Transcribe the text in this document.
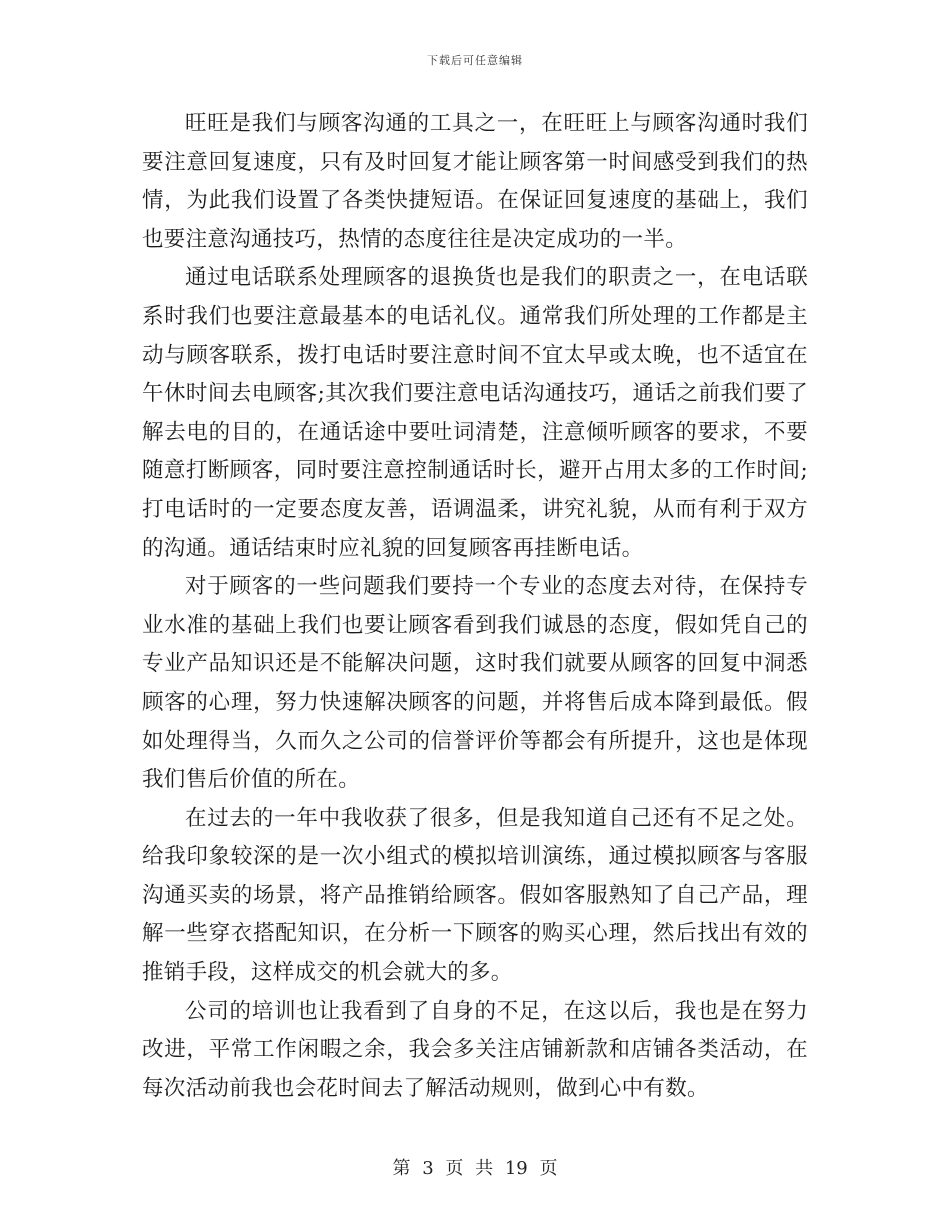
下载后可任意编辑

旺旺是我们与顾客沟通的工具之一，在旺旺上与顾客沟通时我们要注意回复速度，只有及时回复才能让顾客第一时间感受到我们的热情，为此我们设置了各类快捷短语。在保证回复速度的基础上，我们也要注意沟通技巧，热情的态度往往是决定成功的一半。

通过电话联系处理顾客的退换货也是我们的职责之一，在电话联系时我们也要注意最基本的电话礼仪。通常我们所处理的工作都是主动与顾客联系，拨打电话时要注意时间不宜太早或太晚，也不适宜在午休时间去电顾客;其次我们要注意电话沟通技巧，通话之前我们要了解去电的目的，在通话途中要吐词清楚，注意倾听顾客的要求，不要随意打断顾客，同时要注意控制通话时长，避开占用太多的工作时间;打电话时的一定要态度友善，语调温柔，讲究礼貌，从而有利于双方的沟通。通话结束时应礼貌的回复顾客再挂断电话。

对于顾客的一些问题我们要持一个专业的态度去对待，在保持专业水准的基础上我们也要让顾客看到我们诚恳的态度，假如凭自己的专业产品知识还是不能解决问题，这时我们就要从顾客的回复中洞悉顾客的心理，努力快速解决顾客的问题，并将售后成本降到最低。假如处理得当，久而久之公司的信誉评价等都会有所提升，这也是体现我们售后价值的所在。

在过去的一年中我收获了很多，但是我知道自己还有不足之处。给我印象较深的是一次小组式的模拟培训演练，通过模拟顾客与客服沟通买卖的场景，将产品推销给顾客。假如客服熟知了自己产品，理解一些穿衣搭配知识，在分析一下顾客的购买心理，然后找出有效的推销手段，这样成交的机会就大的多。

公司的培训也让我看到了自身的不足，在这以后，我也是在努力改进，平常工作闲暇之余，我会多关注店铺新款和店铺各类活动，在每次活动前我也会花时间去了解活动规则，做到心中有数。

第 3 页 共 19 页
